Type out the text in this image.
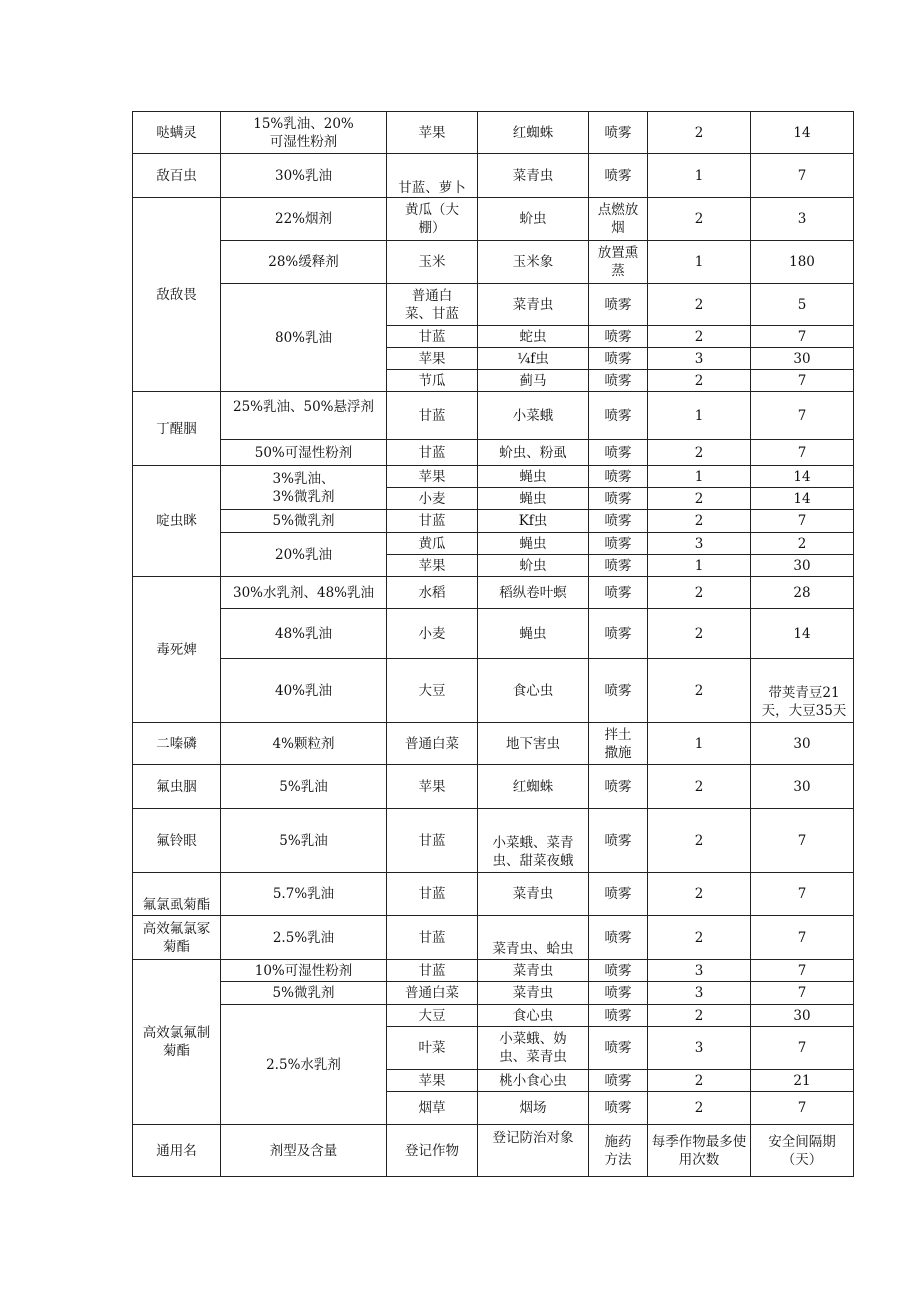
哒螨灵	15%乳油、20%可湿性粉剂	苹果	红蜘蛛	喷雾	2	14
敌百虫	30%乳油	甘蓝、萝卜	菜青虫	喷雾	1	7
敌敌畏	22%烟剂	黄瓜（大棚）	蚧虫	点燃放烟	2	3
	28%缓释剂	玉米	玉米象	放置熏蒸	1	180
	80%乳油	普通白菜、甘蓝	菜青虫	喷雾	2	5
		甘蓝	蛇虫	喷雾	2	7
		苹果	¼f虫	喷雾	3	30
		节瓜	蓟马	喷雾	2	7
丁醒胭	25%乳油、50%悬浮剂	甘蓝	小菜蛾	喷雾	1	7
	50%可湿性粉剂	甘蓝	蚧虫、粉虱	喷雾	2	7
啶虫眯	3%乳油、3%微乳剂	苹果	蝇虫	喷雾	1	14
		小麦	蝇虫	喷雾	2	14
	5%微乳剂	甘蓝	Kf虫	喷雾	2	7
	20%乳油	黄瓜	蝇虫	喷雾	3	2
		苹果	蚧虫	喷雾	1	30
毒死婢	30%水乳剂、48%乳油	水稻	稻纵卷叶螟	喷雾	2	28
	48%乳油	小麦	蝇虫	喷雾	2	14
	40%乳油	大豆	食心虫	喷雾	2	带荚青豆21天，大豆35天
二嗪磷	4%颗粒剂	普通白菜	地下害虫	拌土撒施	1	30
氟虫胭	5%乳油	苹果	红蜘蛛	喷雾	2	30
氟铃眼	5%乳油	甘蓝	小菜蛾、菜青虫、甜菜夜蛾	喷雾	2	7
氟氯虱菊酯	5.7%乳油	甘蓝	菜青虫	喷雾	2	7
高效氟氯冢菊酯	2.5%乳油	甘蓝	菜青虫、蛤虫	喷雾	2	7
高效氯氟制菊酯	10%可湿性粉剂	甘蓝	菜青虫	喷雾	3	7
	5%微乳剂	普通白菜	菜青虫	喷雾	3	7
	2.5%水乳剂	大豆	食心虫	喷雾	2	30
		叶菜	小菜蛾、妫虫、菜青虫	喷雾	3	7
		苹果	桃小食心虫	喷雾	2	21
		烟草	烟场	喷雾	2	7
通用名	剂型及含量	登记作物	登记防治对象	施药方法	每季作物最多使用次数	安全间隔期（天）
